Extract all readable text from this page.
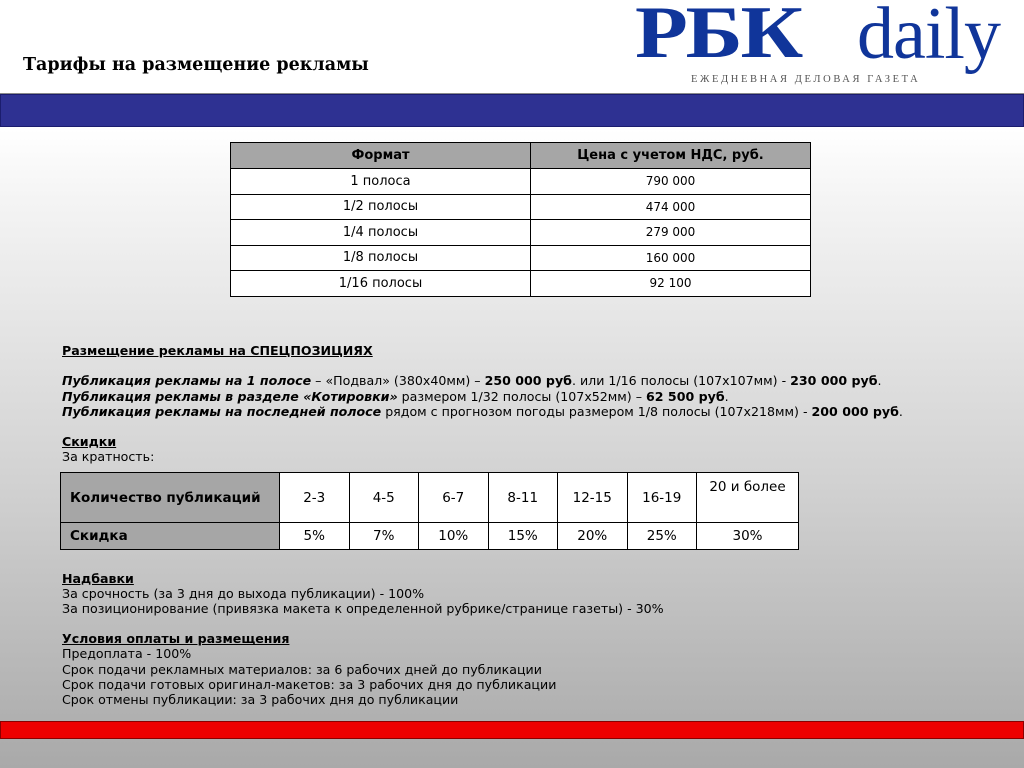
Тарифы на размещение рекламы	РБК daily
ЕЖЕДНЕВНАЯ ДЕЛОВАЯ ГАЗЕТА
Формат	Цена с учетом НДС, руб.
1 полоса	790 000
1/2 полосы	474 000
1/4 полосы	279 000
1/8 полосы	160 000
1/16 полосы	92 100
Размещение рекламы на СПЕЦПОЗИЦИЯХ
Публикация рекламы на 1 полосе – «Подвал» (380х40мм) – 250 000 руб. или 1/16 полосы (107х107мм) - 230 000 руб.
Публикация рекламы в разделе «Котировки» размером 1/32 полосы (107х52мм) – 62 500 руб.
Публикация рекламы на последней полосе рядом с прогнозом погоды размером 1/8 полосы (107х218мм) - 200 000 руб.
Скидки
За кратность:
Надбавки
За срочность (за 3 дня до выхода публикации) - 100%
За позиционирование (привязка макета к определенной рубрике/странице газеты) - 30%
Условия оплаты и размещения
Предоплата - 100%
Срок подачи рекламных материалов: за 6 рабочих дней до публикации
Срок подачи готовых оригинал-макетов: за 3 рабочих дня до публикации
Срок отмены публикации: за 3 рабочих дня до публикации
Количество публикаций	2-3	4-5	6-7	8-11	12-15	16-19	20 и более
Скидка	5%	7%	10%	15%	20%	25%	30%
